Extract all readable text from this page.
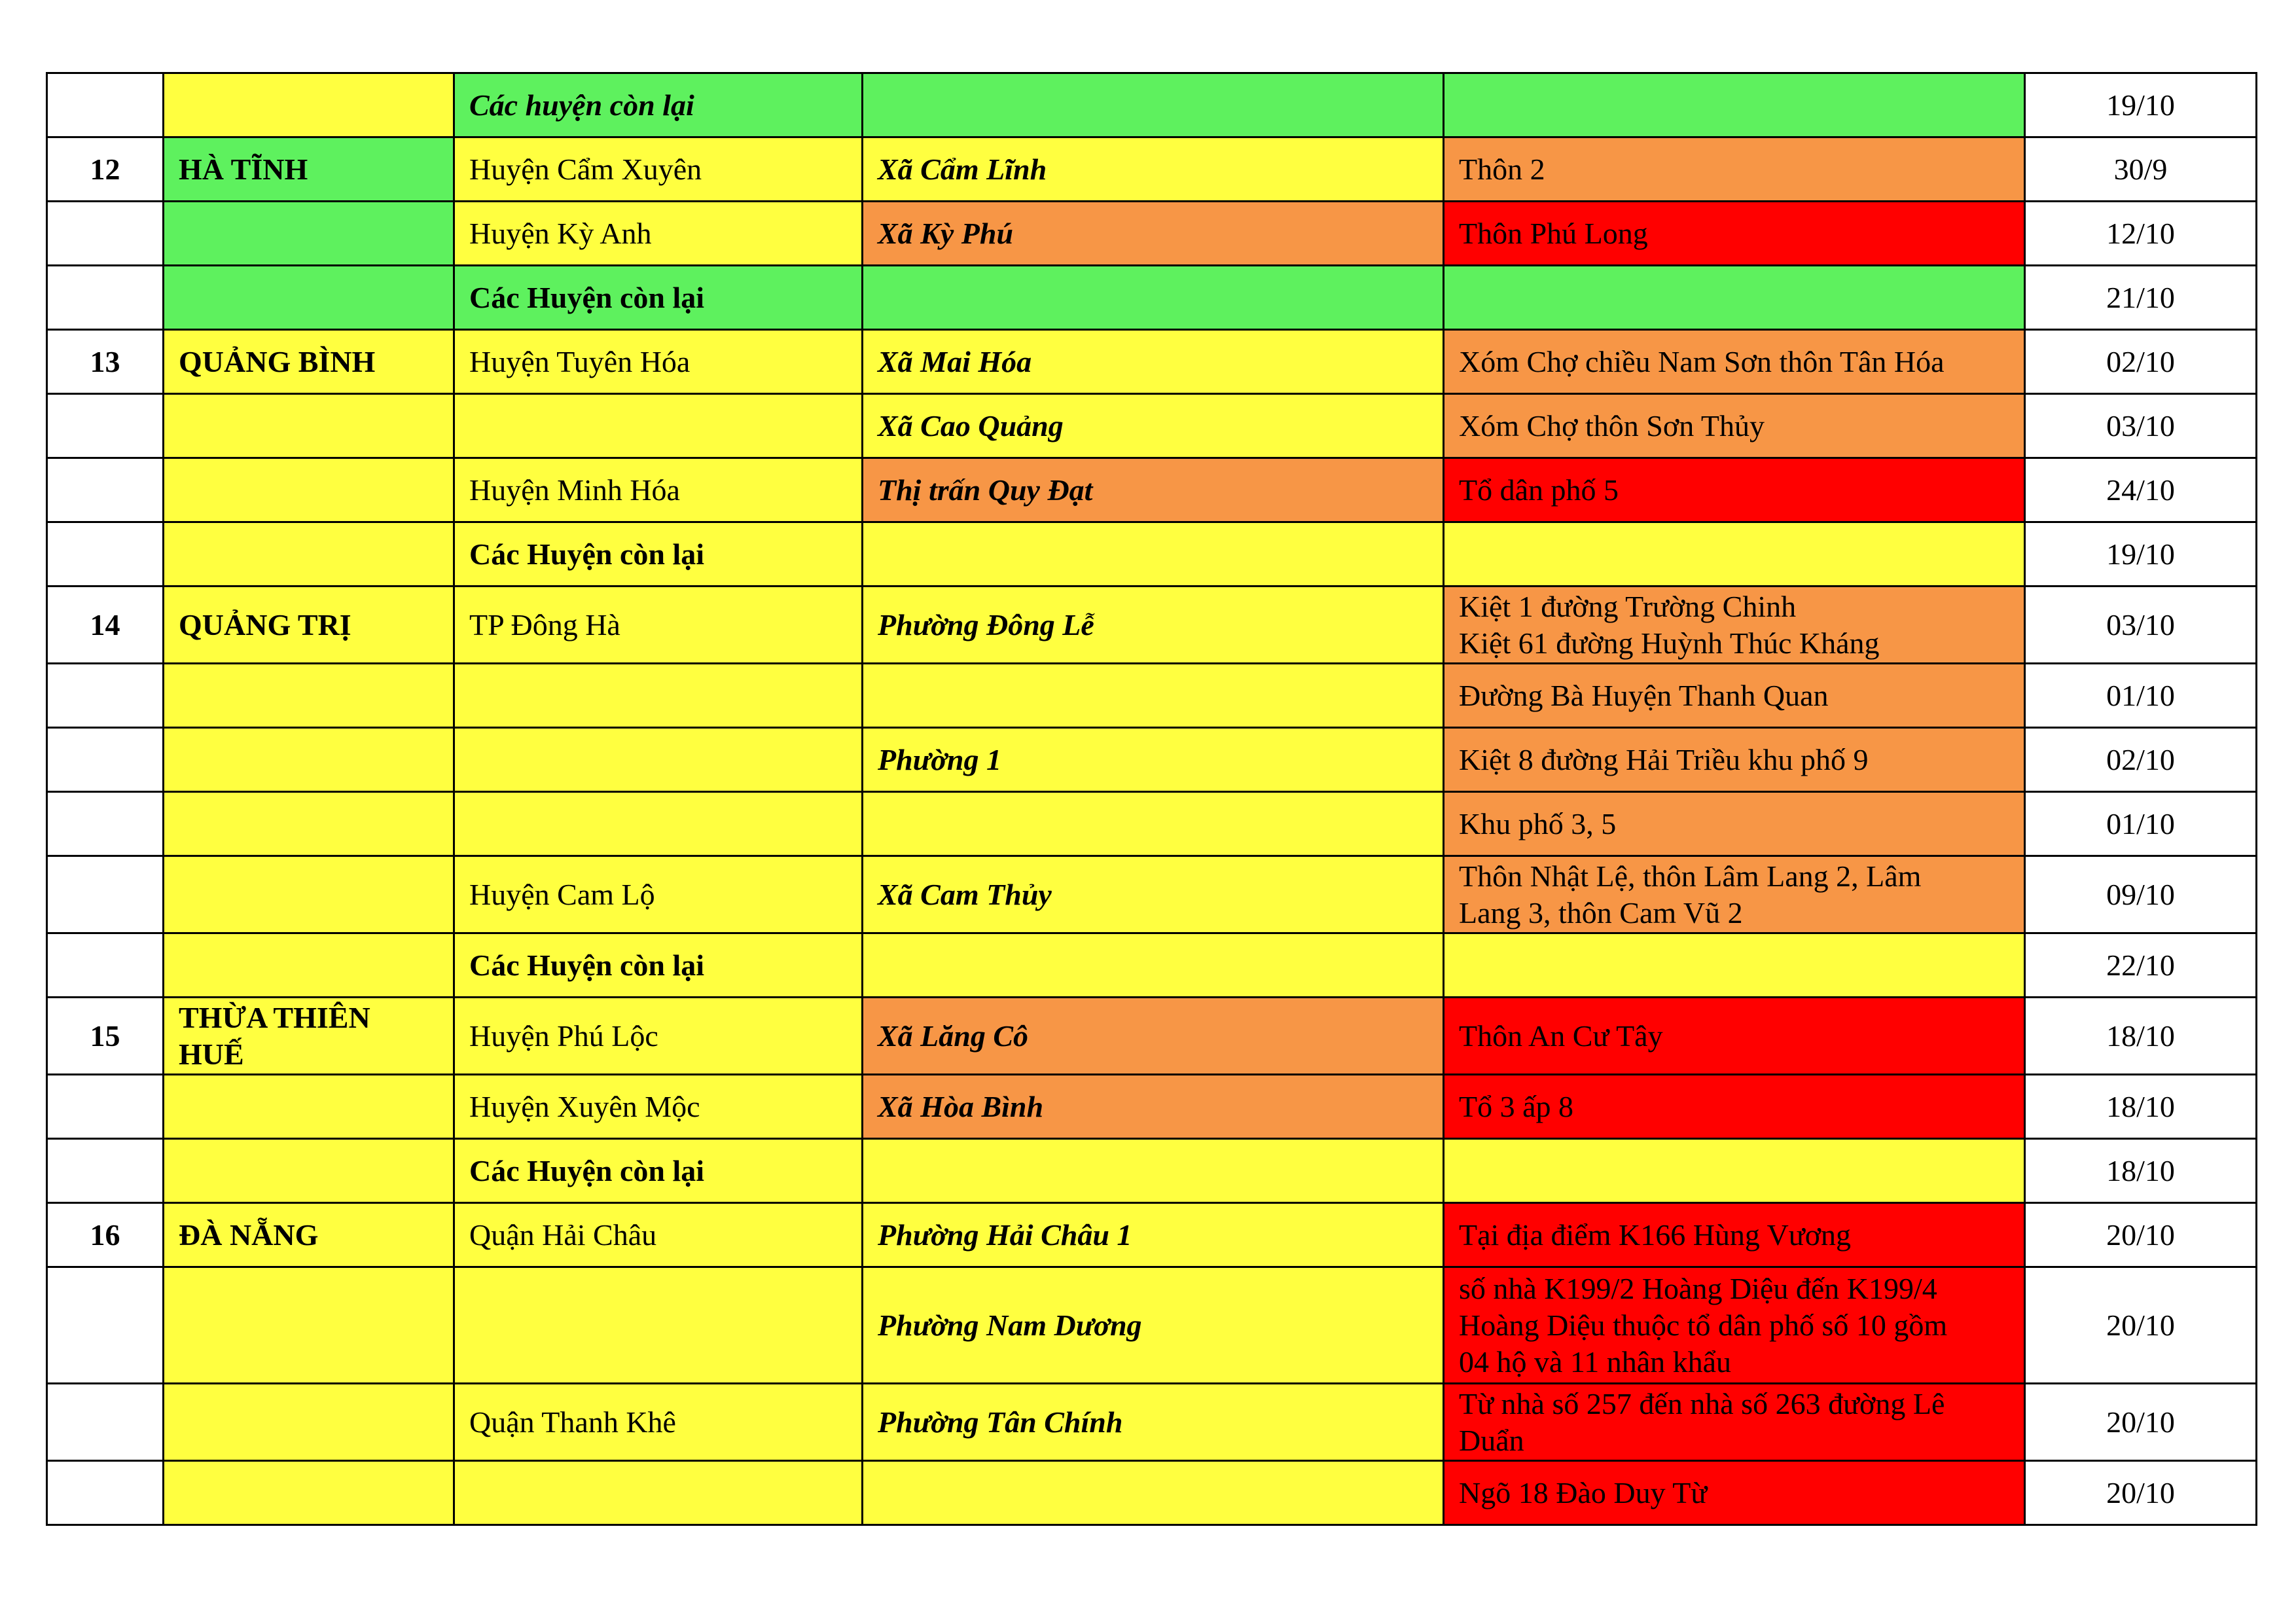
		Các huyện còn lại			19/10
12	HÀ TĨNH	Huyện Cẩm Xuyên	Xã Cẩm Lĩnh	Thôn 2	30/9
		Huyện Kỳ Anh	Xã Kỳ Phú	Thôn Phú Long	12/10
		Các Huyện còn lại			21/10
13	QUẢNG BÌNH	Huyện Tuyên Hóa	Xã Mai Hóa	Xóm Chợ chiều Nam Sơn thôn Tân Hóa	02/10
			Xã Cao Quảng	Xóm Chợ thôn Sơn Thủy	03/10
		Huyện Minh Hóa	Thị trấn Quy Đạt	Tổ dân phố 5	24/10
		Các Huyện còn lại			19/10
14	QUẢNG TRỊ	TP Đông Hà	Phường Đông Lễ	Kiệt 1 đường Trường Chinh
Kiệt 61 đường Huỳnh Thúc Kháng	03/10
				Đường Bà Huyện Thanh Quan	01/10
			Phường 1	Kiệt 8 đường Hải Triều khu phố 9	02/10
				Khu phố 3, 5	01/10
		Huyện Cam Lộ	Xã Cam Thủy	Thôn Nhật Lệ, thôn Lâm Lang 2, Lâm
Lang 3, thôn Cam Vũ 2	09/10
		Các Huyện còn lại			22/10
15	THỪA THIÊN
HUẾ	Huyện Phú Lộc	Xã Lăng Cô	Thôn An Cư Tây	18/10
		Huyện Xuyên Mộc	Xã Hòa Bình	Tổ 3 ấp 8	18/10
		Các Huyện còn lại			18/10
16	ĐÀ NẴNG	Quận Hải Châu	Phường Hải Châu 1	Tại địa điểm K166 Hùng Vương	20/10
			Phường Nam Dương	số nhà K199/2 Hoàng Diệu đến K199/4
Hoàng Diệu thuộc tổ dân phố số 10 gồm
04 hộ và 11 nhân khẩu	20/10
		Quận Thanh Khê	Phường Tân Chính	Từ nhà số 257 đến nhà số 263 đường Lê
Duẩn	20/10
				Ngõ 18 Đào Duy Từ	20/10
